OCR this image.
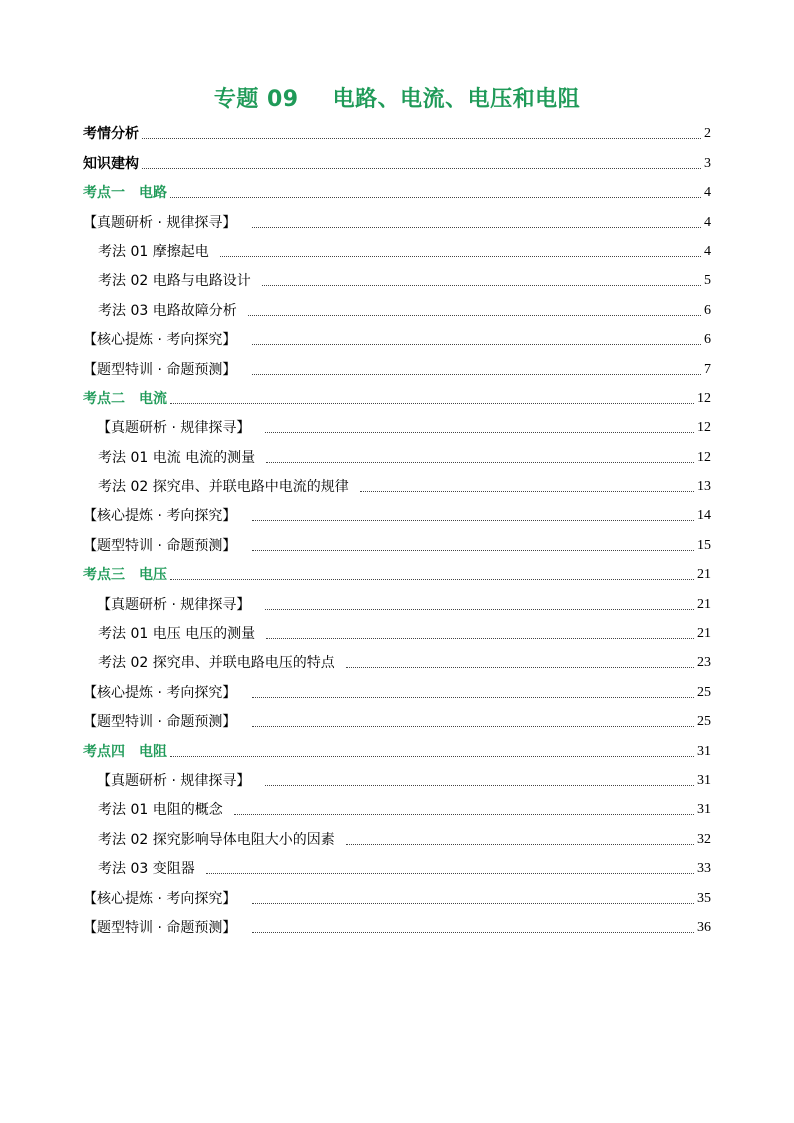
专题 09 电路、电流、电压和电阻
考情分析	2
知识建构	3
考点一　电路	4
【真题研析 · 规律探寻】	4
考法 01 摩擦起电	4
考法 02 电路与电路设计	5
考法 03 电路故障分析	6
【核心提炼 · 考向探究】	6
【题型特训 · 命题预测】	7
考点二　电流	12
【真题研析 · 规律探寻】	12
考法 01 电流 电流的测量	12
考法 02 探究串、并联电路中电流的规律	13
【核心提炼 · 考向探究】	14
【题型特训 · 命题预测】	15
考点三　电压	21
【真题研析 · 规律探寻】	21
考法 01 电压 电压的测量	21
考法 02 探究串、并联电路电压的特点	23
【核心提炼 · 考向探究】	25
【题型特训 · 命题预测】	25
考点四　电阻	31
【真题研析 · 规律探寻】	31
考法 01 电阻的概念	31
考法 02 探究影响导体电阻大小的因素	32
考法 03 变阻器	33
【核心提炼 · 考向探究】	35
【题型特训 · 命题预测】	36
